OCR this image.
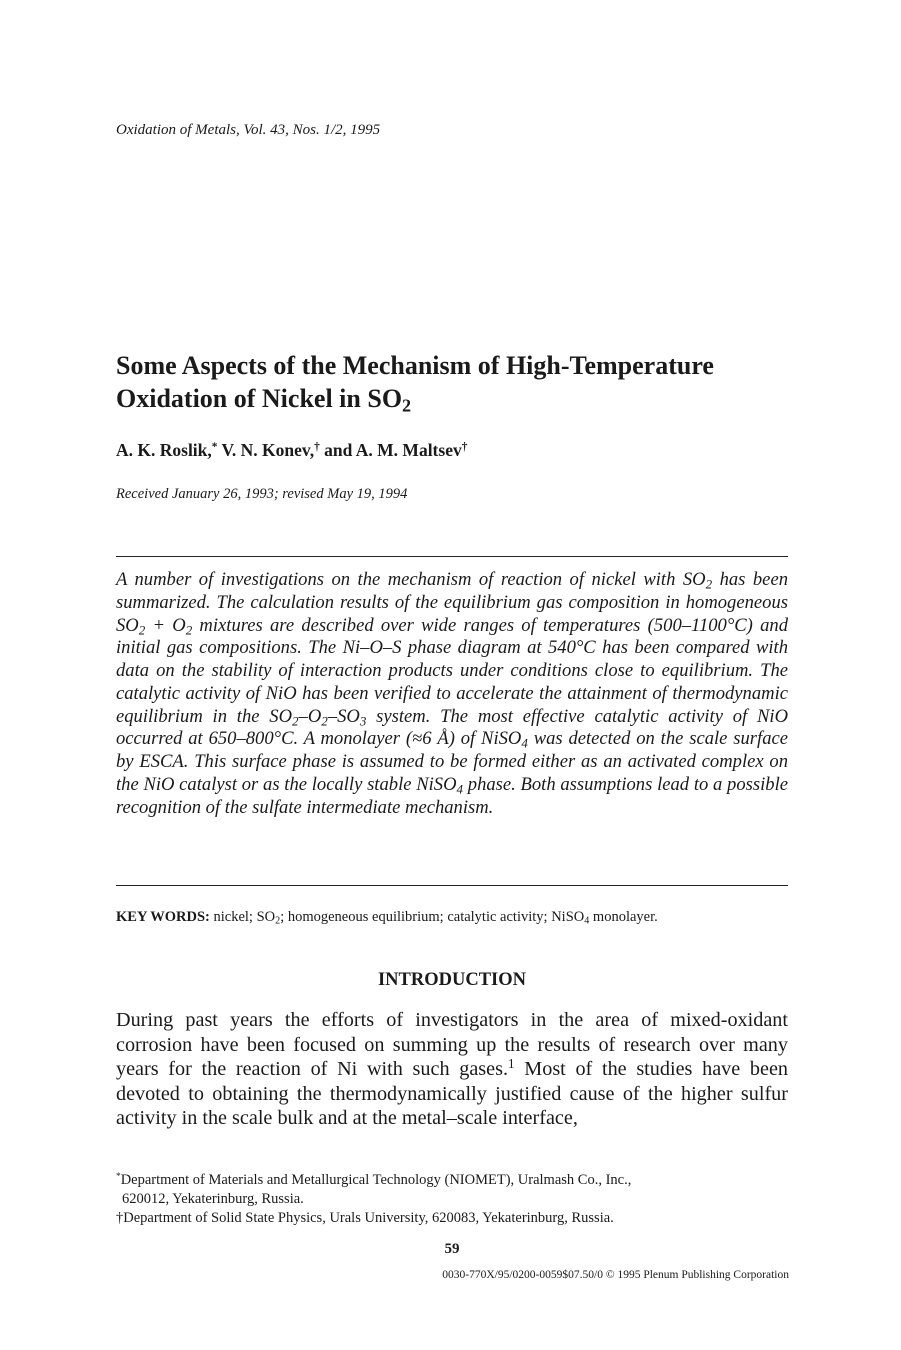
Oxidation of Metals, Vol. 43, Nos. 1/2, 1995

Some Aspects of the Mechanism of High-Temperature
Oxidation of Nickel in $SO_2$

A. K. Roslik,* V. N. Konev,† and A. M. Maltsev†

Received January 26, 1993; revised May 19, 1994

A number of investigations on the mechanism of reaction of nickel with $SO_2$ has been summarized. The calculation results of the equilibrium gas composition in homogeneous $SO_2 + O_2$ mixtures are described over wide ranges of temperatures (500–1100°C) and initial gas compositions. The Ni–O–S phase diagram at 540°C has been compared with data on the stability of interaction products under conditions close to equilibrium. The catalytic activity of NiO has been verified to accelerate the attainment of thermodynamic equilibrium in the $SO_2-O_2-SO_3$ system. The most effective catalytic activity of NiO occurred at 650–800°C. A monolayer (≈6 Å) of NiSO$_4$ was detected on the scale surface by ESCA. This surface phase is assumed to be formed either as an activated complex on the NiO catalyst or as the locally stable NiSO$_4$ phase. Both assumptions lead to a possible recognition of the sulfate intermediate mechanism.

KEY WORDS: nickel; $SO_2$; homogeneous equilibrium; catalytic activity; NiSO$_4$ monolayer.

INTRODUCTION

During past years the efforts of investigators in the area of mixed-oxidant corrosion have been focused on summing up the results of research over many years for the reaction of Ni with such gases.$^1$ Most of the studies have been devoted to obtaining the thermodynamically justified cause of the higher sulfur activity in the scale bulk and at the metal–scale interface,

*Department of Materials and Metallurgical Technology (NIOMET), Uralmash Co., Inc.,
620012, Yekaterinburg, Russia.

†Department of Solid State Physics, Urals University, 620083, Yekaterinburg, Russia.

59

0030-770X/95/0200-0059$07.50/0 © 1995 Plenum Publishing Corporation
